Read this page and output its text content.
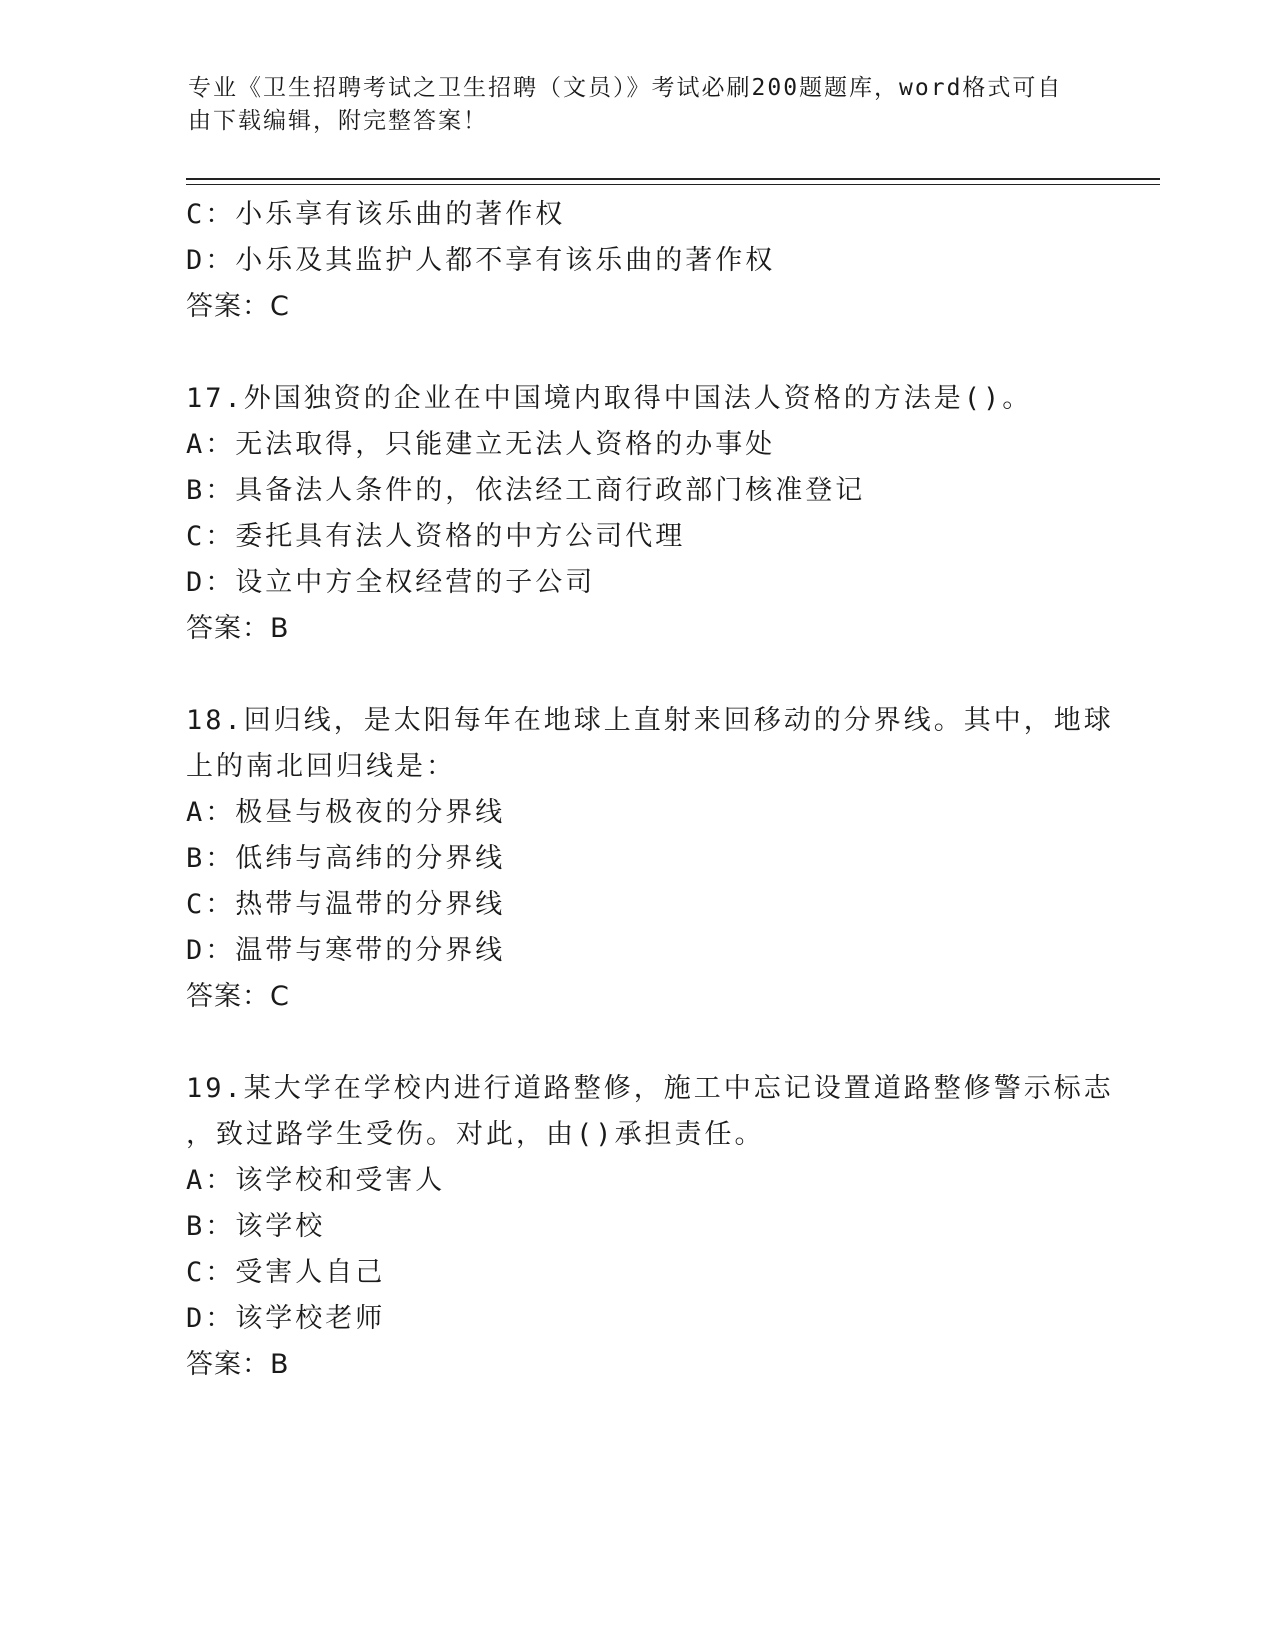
专业《卫生招聘考试之卫生招聘（文员）》考试必刷200题题库，word格式可自由下载编辑，附完整答案！
C：小乐享有该乐曲的著作权
D：小乐及其监护人都不享有该乐曲的著作权
答案：C
17.外国独资的企业在中国境内取得中国法人资格的方法是()。
A：无法取得，只能建立无法人资格的办事处
B：具备法人条件的，依法经工商行政部门核准登记
C：委托具有法人资格的中方公司代理
D：设立中方全权经营的子公司
答案：B
18.回归线，是太阳每年在地球上直射来回移动的分界线。其中，地球
上的南北回归线是：
A：极昼与极夜的分界线
B：低纬与高纬的分界线
C：热带与温带的分界线
D：温带与寒带的分界线
答案：C
19.某大学在学校内进行道路整修，施工中忘记设置道路整修警示标志
，致过路学生受伤。对此，由()承担责任。
A：该学校和受害人
B：该学校
C：受害人自己
D：该学校老师
答案：B
